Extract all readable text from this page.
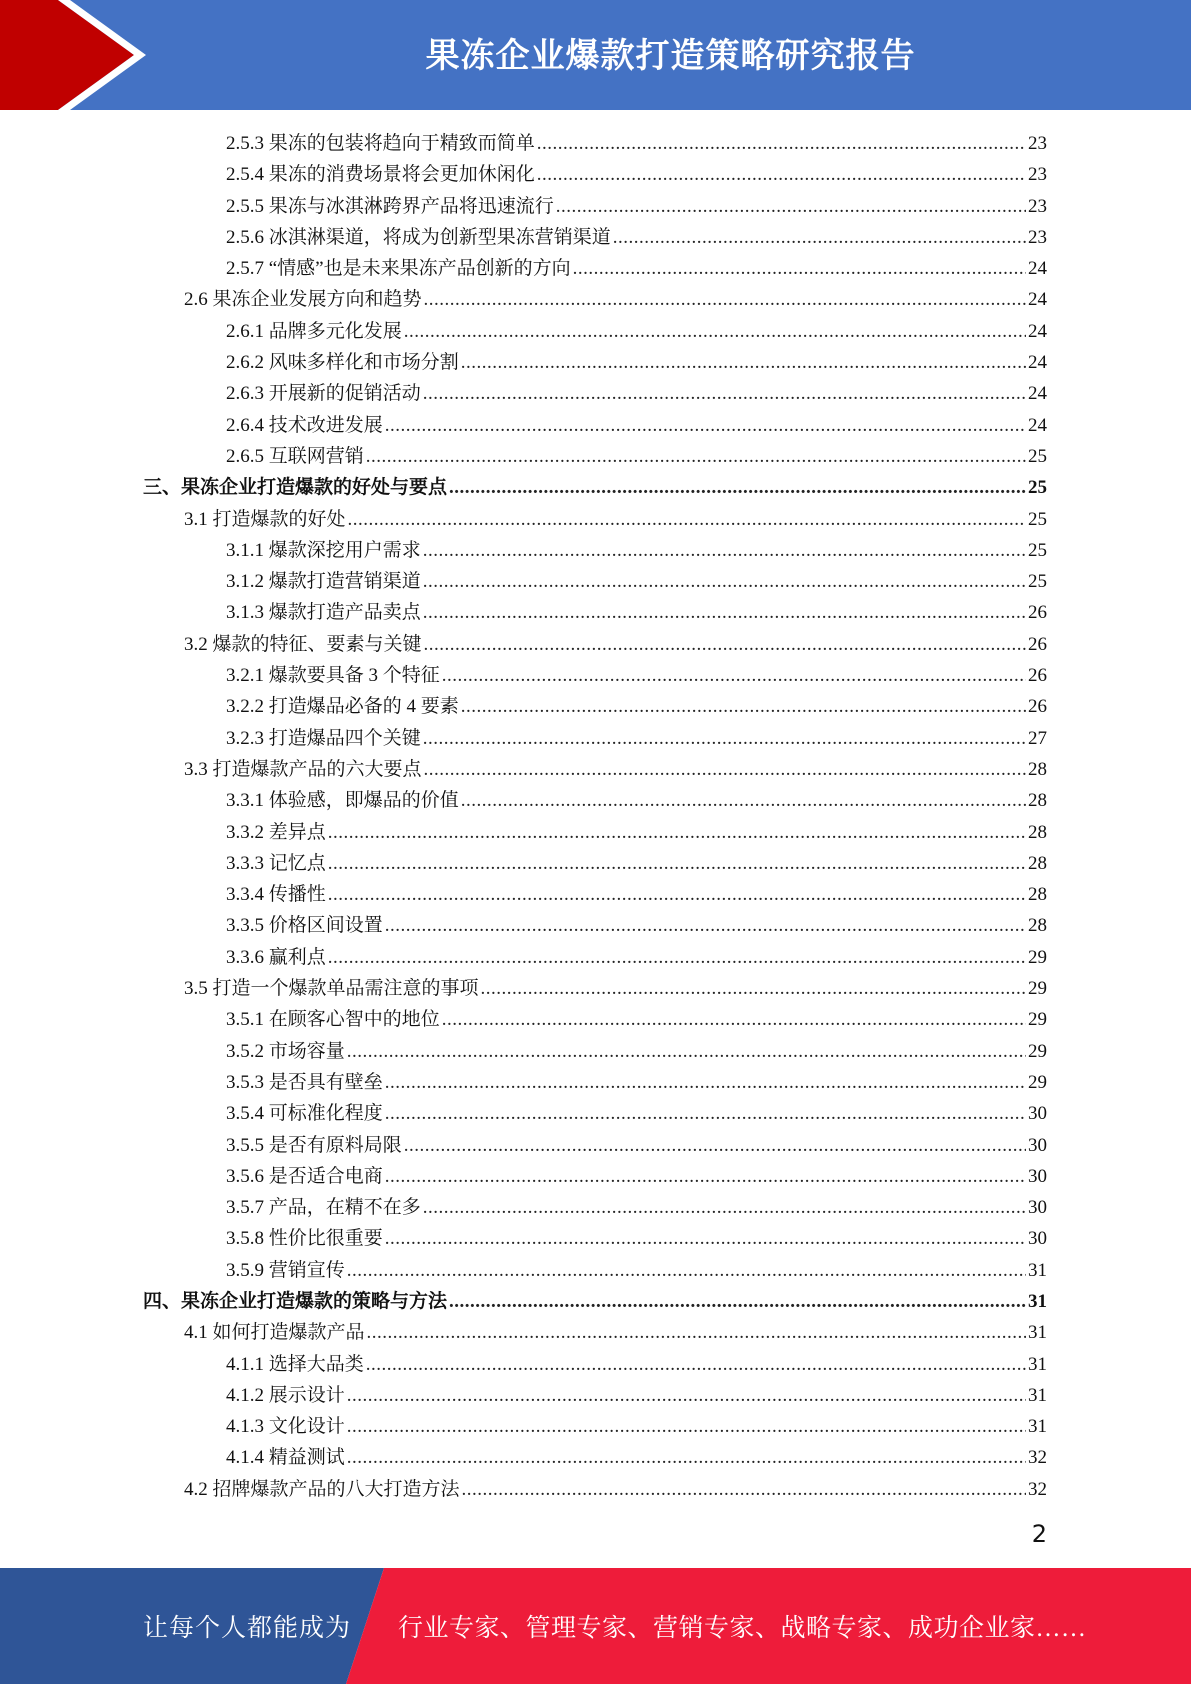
果冻企业爆款打造策略研究报告
2.5.3 果冻的包装将趋向于精致而简单 .....	23
2.5.4 果冻的消费场景将会更加休闲化 .....	23
2.5.5 果冻与冰淇淋跨界产品将迅速流行 .....	23
2.5.6 冰淇淋渠道，将成为创新型果冻营销渠道 .....	23
2.5.7 “情感”也是未来果冻产品创新的方向 .....	24
2.6 果冻企业发展方向和趋势 .....	24
2.6.1 品牌多元化发展 .....	24
2.6.2 风味多样化和市场分割 .....	24
2.6.3 开展新的促销活动 .....	24
2.6.4 技术改进发展 .....	24
2.6.5 互联网营销 .....	25
三、果冻企业打造爆款的好处与要点 .....	25
3.1 打造爆款的好处 .....	25
3.1.1 爆款深挖用户需求 .....	25
3.1.2 爆款打造营销渠道 .....	25
3.1.3 爆款打造产品卖点 .....	26
3.2 爆款的特征、要素与关键 .....	26
3.2.1 爆款要具备 3 个特征 .....	26
3.2.2 打造爆品必备的 4 要素 .....	26
3.2.3 打造爆品四个关键 .....	27
3.3 打造爆款产品的六大要点 .....	28
3.3.1 体验感，即爆品的价值 .....	28
3.3.2 差异点 .....	28
3.3.3 记忆点 .....	28
3.3.4 传播性 .....	28
3.3.5 价格区间设置 .....	28
3.3.6 赢利点 .....	29
3.5 打造一个爆款单品需注意的事项 .....	29
3.5.1 在顾客心智中的地位 .....	29
3.5.2 市场容量 .....	29
3.5.3 是否具有壁垒 .....	29
3.5.4 可标准化程度 .....	30
3.5.5 是否有原料局限 .....	30
3.5.6 是否适合电商 .....	30
3.5.7 产品，在精不在多 .....	30
3.5.8 性价比很重要 .....	30
3.5.9 营销宣传 .....	31
四、果冻企业打造爆款的策略与方法 .....	31
4.1 如何打造爆款产品 .....	31
4.1.1 选择大品类 .....	31
4.1.2 展示设计 .....	31
4.1.3 文化设计 .....	31
4.1.4 精益测试 .....	32
4.2 招牌爆款产品的八大打造方法 .....	32
2
让每个人都能成为 行业专家、管理专家、营销专家、战略专家、成功企业家……
